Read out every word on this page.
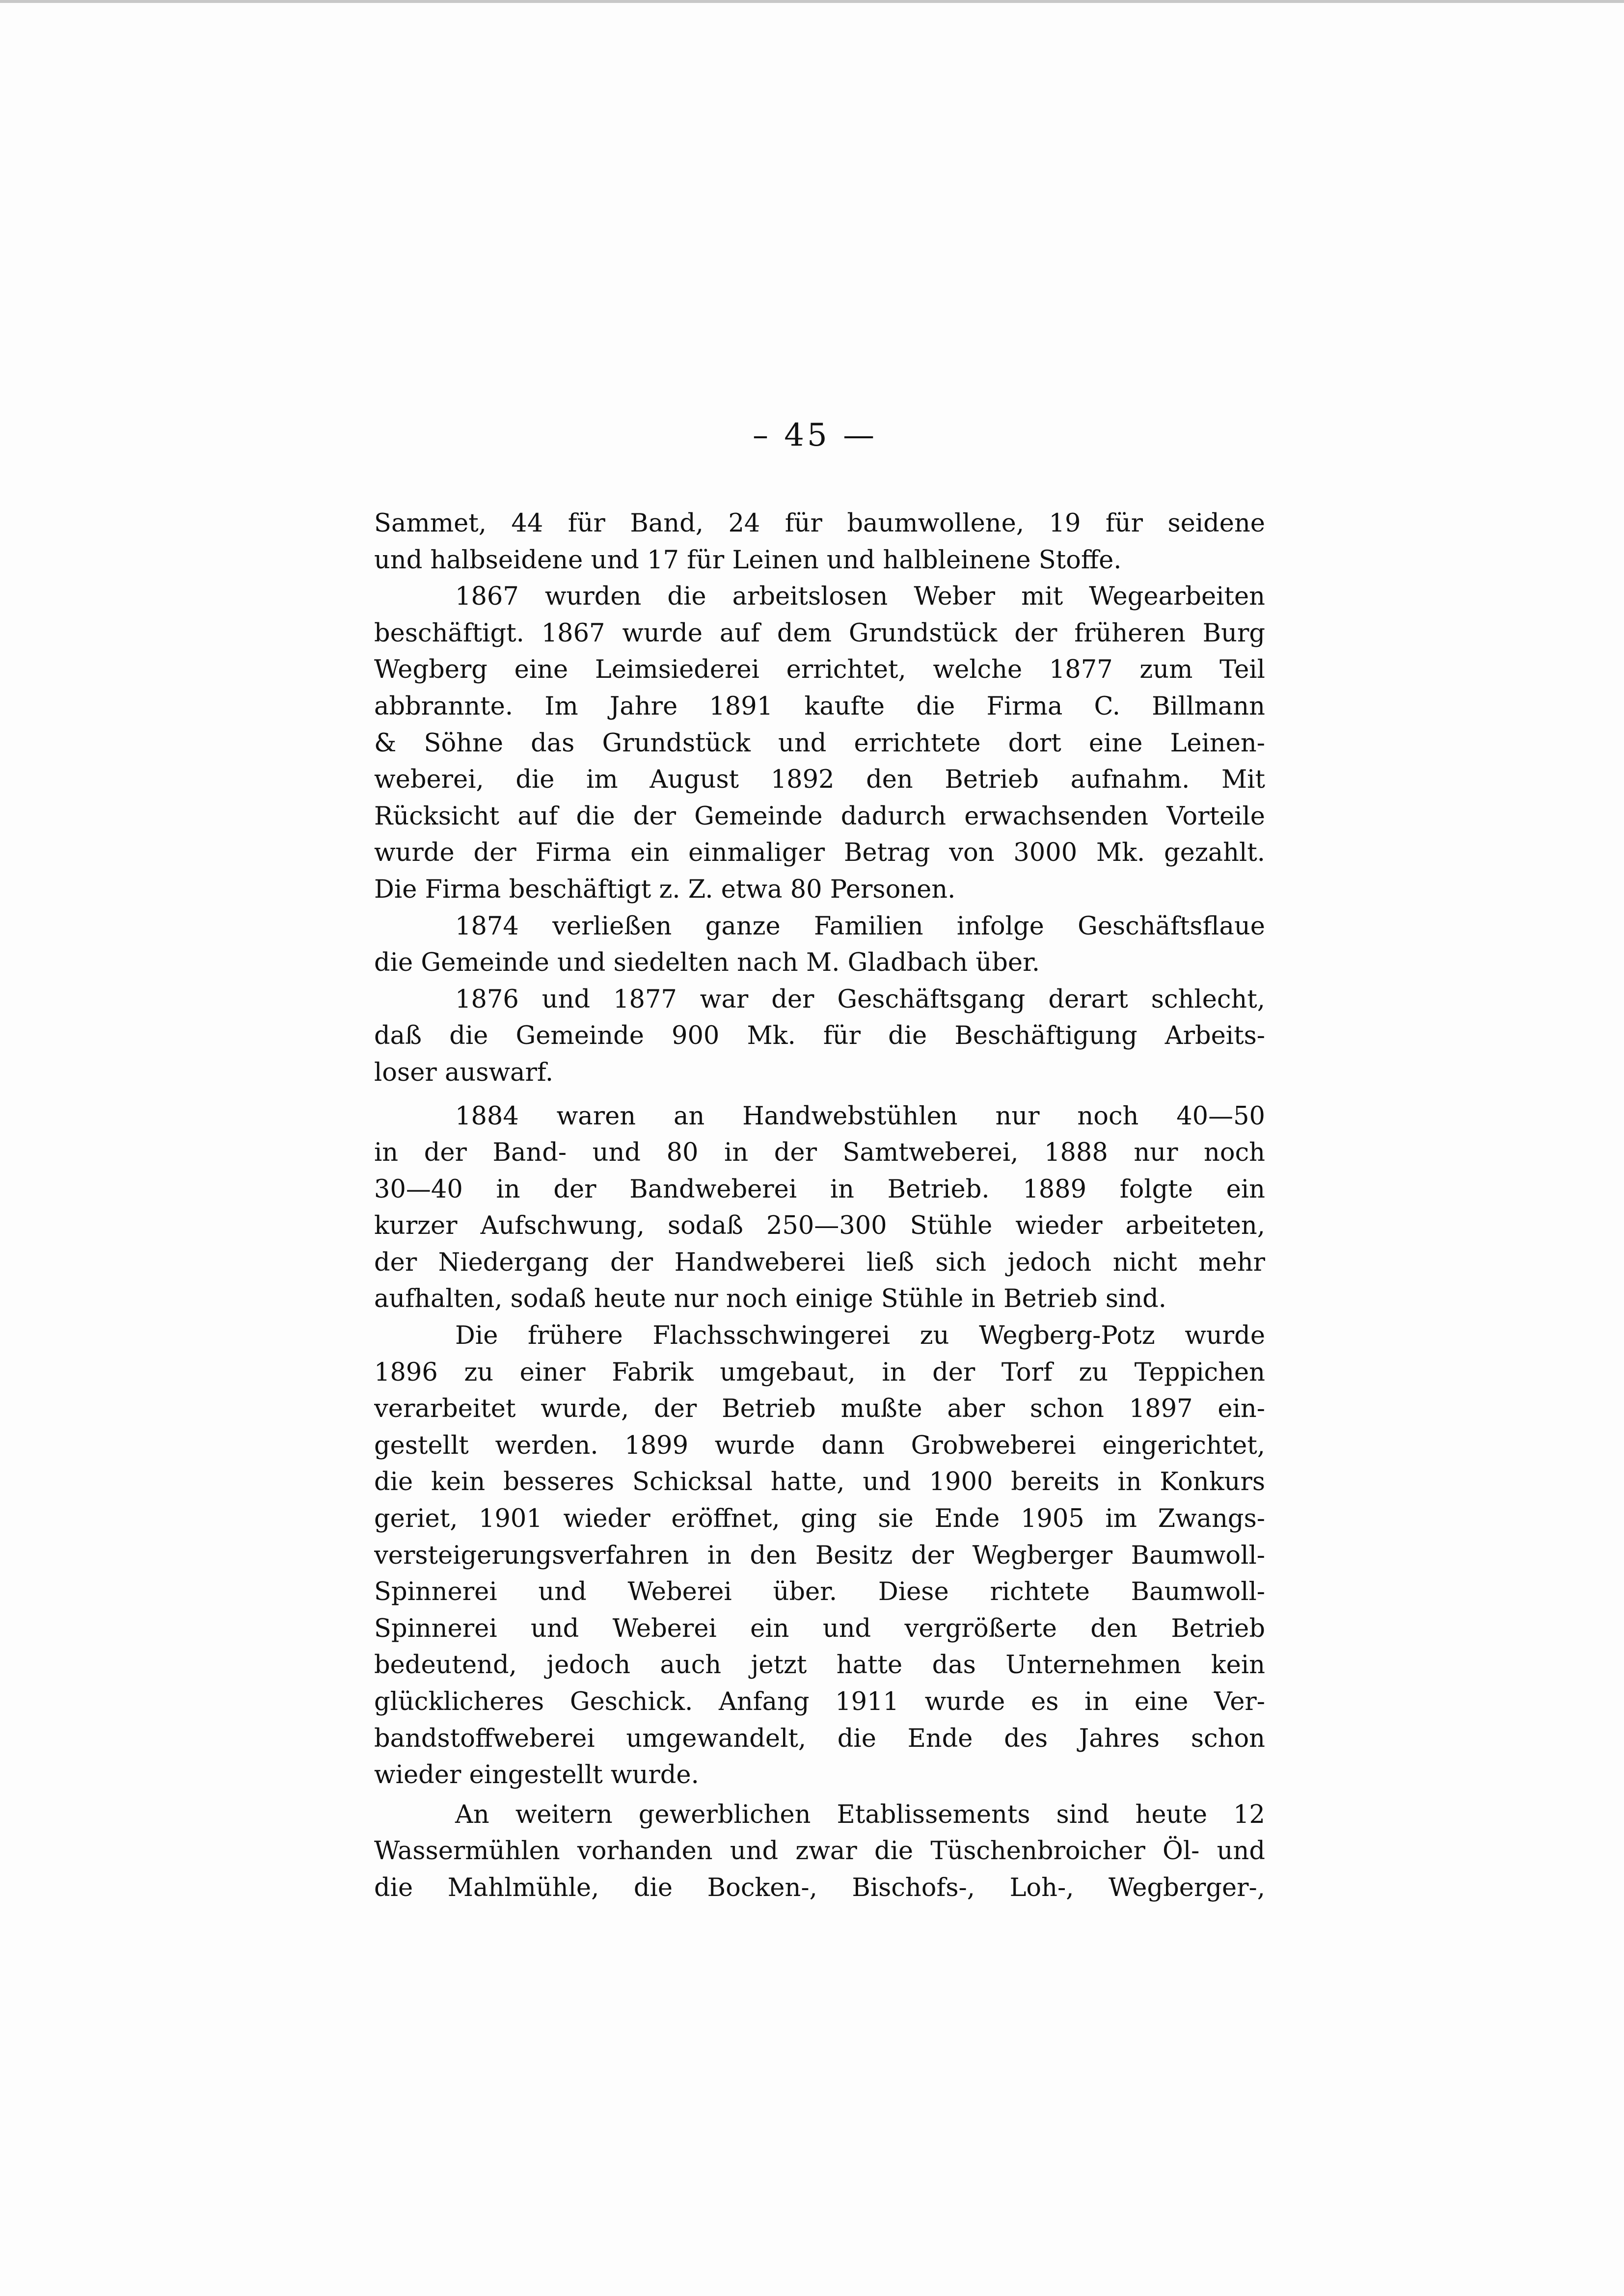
– 45 —
Sammet, 44 für Band, 24 für baumwollene, 19 für seidene
und halbseidene und 17 für Leinen und halbleinene Stoffe.
1867 wurden die arbeitslosen Weber mit Wegearbeiten
beschäftigt. 1867 wurde auf dem Grundstück der früheren Burg
Wegberg eine Leimsiederei errichtet, welche 1877 zum Teil
abbrannte. Im Jahre 1891 kaufte die Firma C. Billmann
& Söhne das Grundstück und errichtete dort eine Leinen-
weberei, die im August 1892 den Betrieb aufnahm. Mit
Rücksicht auf die der Gemeinde dadurch erwachsenden Vorteile
wurde der Firma ein einmaliger Betrag von 3000 Mk. gezahlt.
Die Firma beschäftigt z. Z. etwa 80 Personen.
1874 verließen ganze Familien infolge Geschäftsflaue
die Gemeinde und siedelten nach M. Gladbach über.
1876 und 1877 war der Geschäftsgang derart schlecht,
daß die Gemeinde 900 Mk. für die Beschäftigung Arbeits-
loser auswarf.
1884 waren an Handwebstühlen nur noch 40—50
in der Band- und 80 in der Samtweberei, 1888 nur noch
30—40 in der Bandweberei in Betrieb. 1889 folgte ein
kurzer Aufschwung, sodaß 250—300 Stühle wieder arbeiteten,
der Niedergang der Handweberei ließ sich jedoch nicht mehr
aufhalten, sodaß heute nur noch einige Stühle in Betrieb sind.
Die frühere Flachsschwingerei zu Wegberg-Potz wurde
1896 zu einer Fabrik umgebaut, in der Torf zu Teppichen
verarbeitet wurde, der Betrieb mußte aber schon 1897 ein-
gestellt werden. 1899 wurde dann Grobweberei eingerichtet,
die kein besseres Schicksal hatte, und 1900 bereits in Konkurs
geriet, 1901 wieder eröffnet, ging sie Ende 1905 im Zwangs-
versteigerungsverfahren in den Besitz der Wegberger Baumwoll-
Spinnerei und Weberei über. Diese richtete Baumwoll-
Spinnerei und Weberei ein und vergrößerte den Betrieb
bedeutend, jedoch auch jetzt hatte das Unternehmen kein
glücklicheres Geschick. Anfang 1911 wurde es in eine Ver-
bandstoffweberei umgewandelt, die Ende des Jahres schon
wieder eingestellt wurde.
An weitern gewerblichen Etablissements sind heute 12
Wassermühlen vorhanden und zwar die Tüschenbroicher Öl- und
die Mahlmühle, die Bocken-, Bischofs-, Loh-, Wegberger-,
